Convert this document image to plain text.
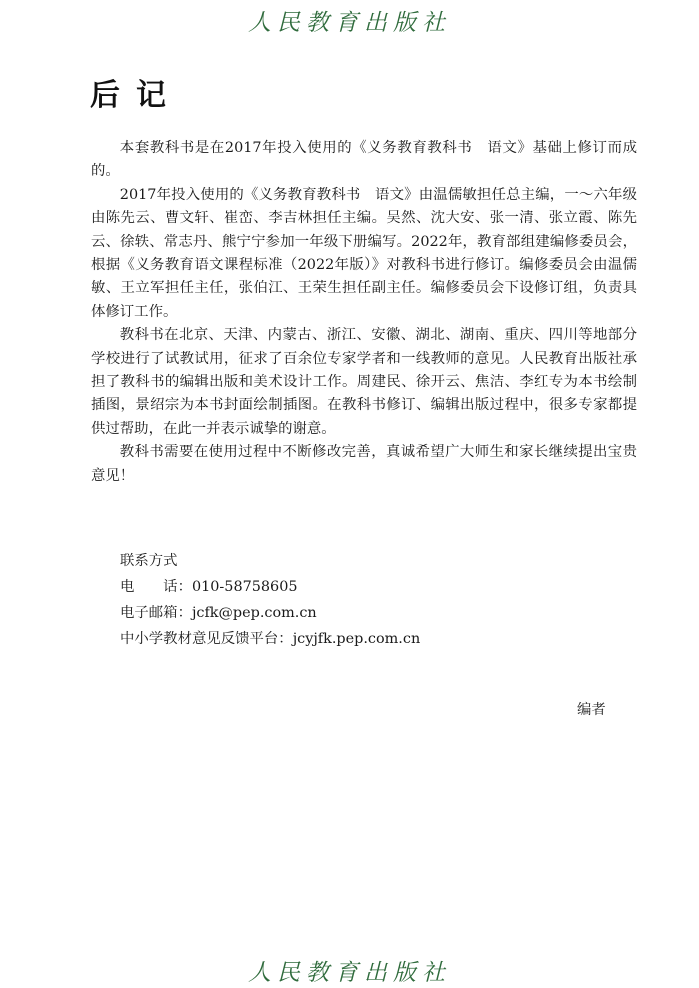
人民教育出版社
后记

本套教科书是在2017年投入使用的《义务教育教科书　语文》基础上修订而成的。

2017年投入使用的《义务教育教科书　语文》由温儒敏担任总主编，一～六年级由陈先云、曹文轩、崔峦、李吉林担任主编。吴然、沈大安、张一清、张立霞、陈先云、徐轶、常志丹、熊宁宁参加一年级下册编写。2022年，教育部组建编修委员会，根据《义务教育语文课程标准（2022年版）》对教科书进行修订。编修委员会由温儒敏、王立军担任主任，张伯江、王荣生担任副主任。编修委员会下设修订组，负责具体修订工作。

教科书在北京、天津、内蒙古、浙江、安徽、湖北、湖南、重庆、四川等地部分学校进行了试教试用，征求了百余位专家学者和一线教师的意见。人民教育出版社承担了教科书的编辑出版和美术设计工作。周建民、徐开云、焦洁、李红专为本书绘制插图，景绍宗为本书封面绘制插图。在教科书修订、编辑出版过程中，很多专家都提供过帮助，在此一并表示诚挚的谢意。

教科书需要在使用过程中不断修改完善，真诚希望广大师生和家长继续提出宝贵意见！

联系方式
电　　话：010-58758605
电子邮箱：jcfk@pep.com.cn
中小学教材意见反馈平台：jcyjfk.pep.com.cn
编者
人民教育出版社
